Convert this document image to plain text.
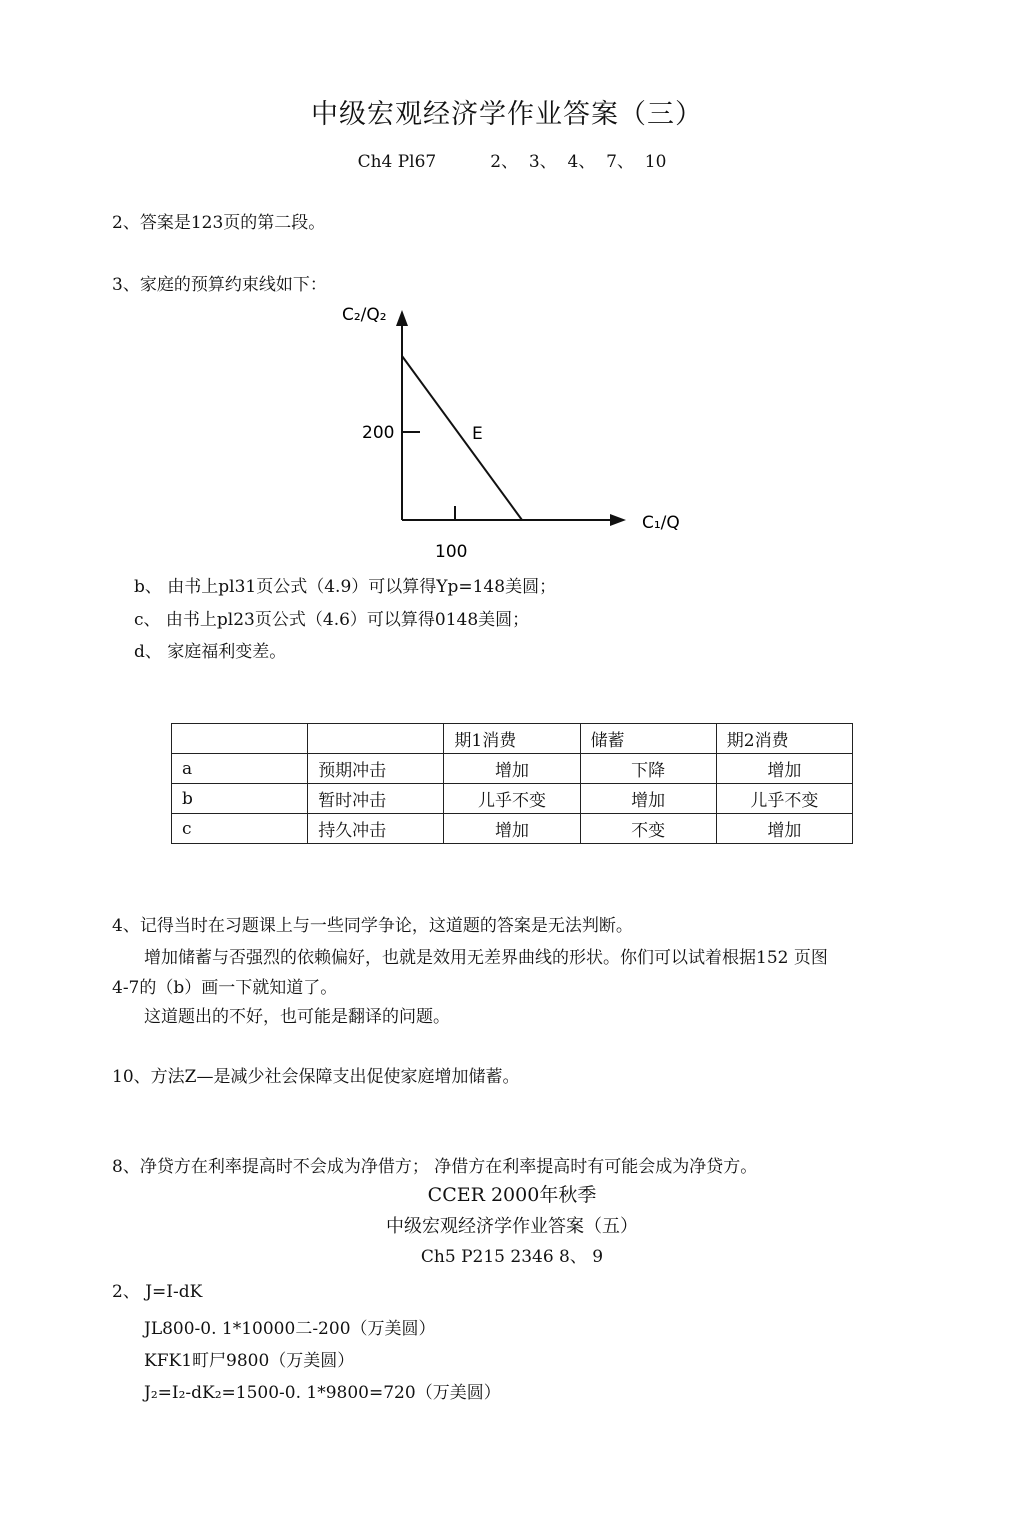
中级宏观经济学作业答案（三）
Ch4 Pl67          2、  3、  4、  7、  10
2、答案是123页的第二段。
3、家庭的预算约束线如下：
C₂/Q₂
C₁/Q
200
100
E
b、 由书上pl31页公式（4.9）可以算得Yp=148美圆；
c、 由书上pl23页公式（4.6）可以算得0148美圆；
d、 家庭福利变差。
		期1消费	储蓄	期2消费
a	预期冲击	增加	下降	增加
b	暂时冲击	儿乎不变	增加	儿乎不变
c	持久冲击	增加	不变	增加
4、记得当时在习题课上与一些同学争论，这道题的答案是无法判断。
增加储蓄与否强烈的依赖偏好，也就是效用无差界曲线的形状。你们可以试着根据152 页图
4-7的（b）画一下就知道了。
这道题出的不好，也可能是翻译的问题。
10、方法Z—是减少社会保障支出促使家庭增加储蓄。
8、净贷方在利率提高时不会成为净借方； 净借方在利率提高时有可能会成为净贷方。
CCER 2000年秋季
中级宏观经济学作业答案（五）
Ch5 P215 2346 8、 9
2、 J=I-dK
JL800-0. 1*10000二-200（万美圆）
KFK1町尸9800（万美圆）
J₂=I₂-dK₂=1500-0. 1*9800=720（万美圆）
